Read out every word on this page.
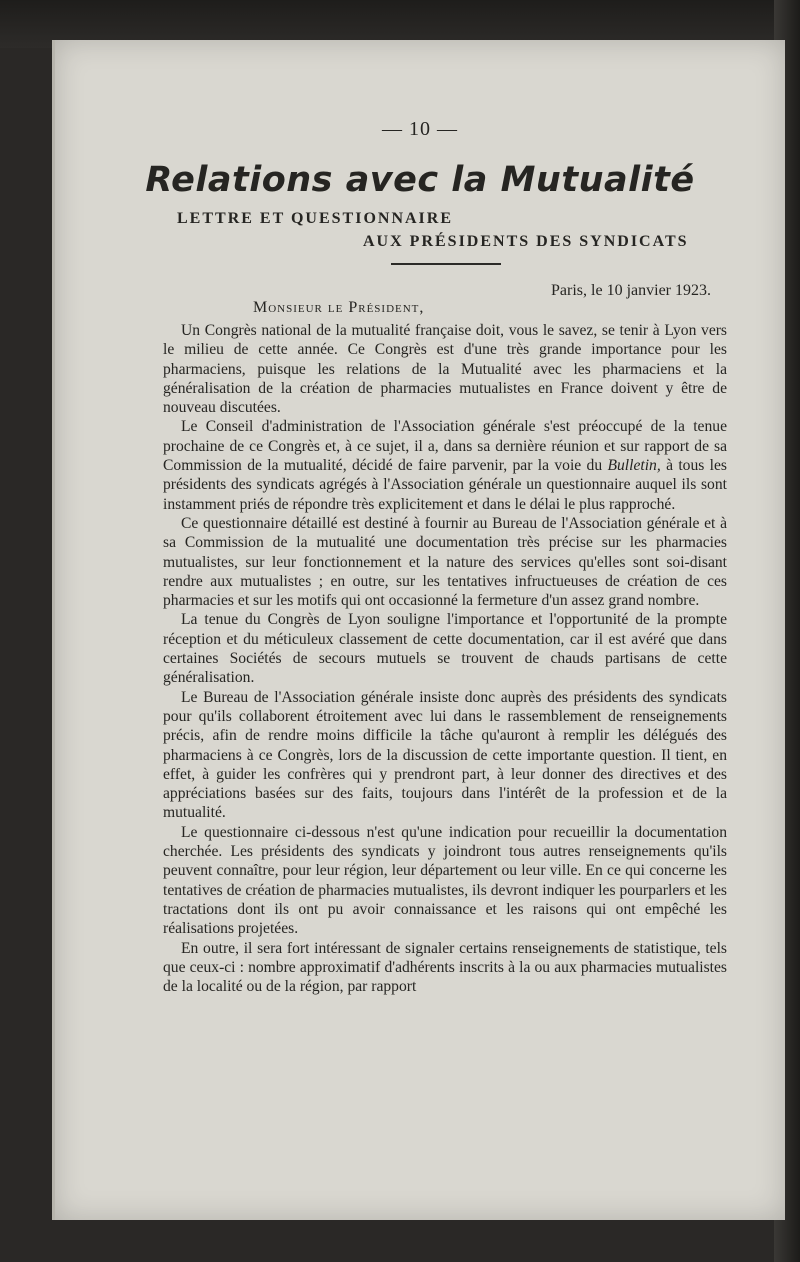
— 10 —
Relations avec la Mutualité
LETTRE ET QUESTIONNAIRE
AUX PRÉSIDENTS DES SYNDICATS
Paris, le 10 janvier 1923.
Monsieur le Président,

Un Congrès national de la mutualité française doit, vous le savez, se tenir à Lyon vers le milieu de cette année. Ce Congrès est d'une très grande importance pour les pharmaciens, puisque les relations de la Mutualité avec les pharmaciens et la généralisation de la création de pharmacies mutualistes en France doivent y être de nouveau discutées.

Le Conseil d'administration de l'Association générale s'est préoccupé de la tenue prochaine de ce Congrès et, à ce sujet, il a, dans sa dernière réunion et sur rapport de sa Commission de la mutualité, décidé de faire parvenir, par la voie du Bulletin, à tous les présidents des syndicats agrégés à l'Association générale un questionnaire auquel ils sont instamment priés de répondre très explicitement et dans le délai le plus rapproché.

Ce questionnaire détaillé est destiné à fournir au Bureau de l'Association générale et à sa Commission de la mutualité une documentation très précise sur les pharmacies mutualistes, sur leur fonctionnement et la nature des services qu'elles sont soi-disant rendre aux mutualistes ; en outre, sur les tentatives infructueuses de création de ces pharmacies et sur les motifs qui ont occasionné la fermeture d'un assez grand nombre.

La tenue du Congrès de Lyon souligne l'importance et l'opportunité de la prompte réception et du méticuleux classement de cette documentation, car il est avéré que dans certaines Sociétés de secours mutuels se trouvent de chauds partisans de cette généralisation.

Le Bureau de l'Association générale insiste donc auprès des présidents des syndicats pour qu'ils collaborent étroitement avec lui dans le rassemblement de renseignements précis, afin de rendre moins difficile la tâche qu'auront à remplir les délégués des pharmaciens à ce Congrès, lors de la discussion de cette importante question. Il tient, en effet, à guider les confrères qui y prendront part, à leur donner des directives et des appréciations basées sur des faits, toujours dans l'intérêt de la profession et de la mutualité.

Le questionnaire ci-dessous n'est qu'une indication pour recueillir la documentation cherchée. Les présidents des syndicats y joindront tous autres renseignements qu'ils peuvent connaître, pour leur région, leur département ou leur ville. En ce qui concerne les tentatives de création de pharmacies mutualistes, ils devront indiquer les pourparlers et les tractations dont ils ont pu avoir connaissance et les raisons qui ont empêché les réalisations projetées.

En outre, il sera fort intéressant de signaler certains renseignements de statistique, tels que ceux-ci : nombre approximatif d'adhérents inscrits à la ou aux pharmacies mutualistes de la localité ou de la région, par rapport
